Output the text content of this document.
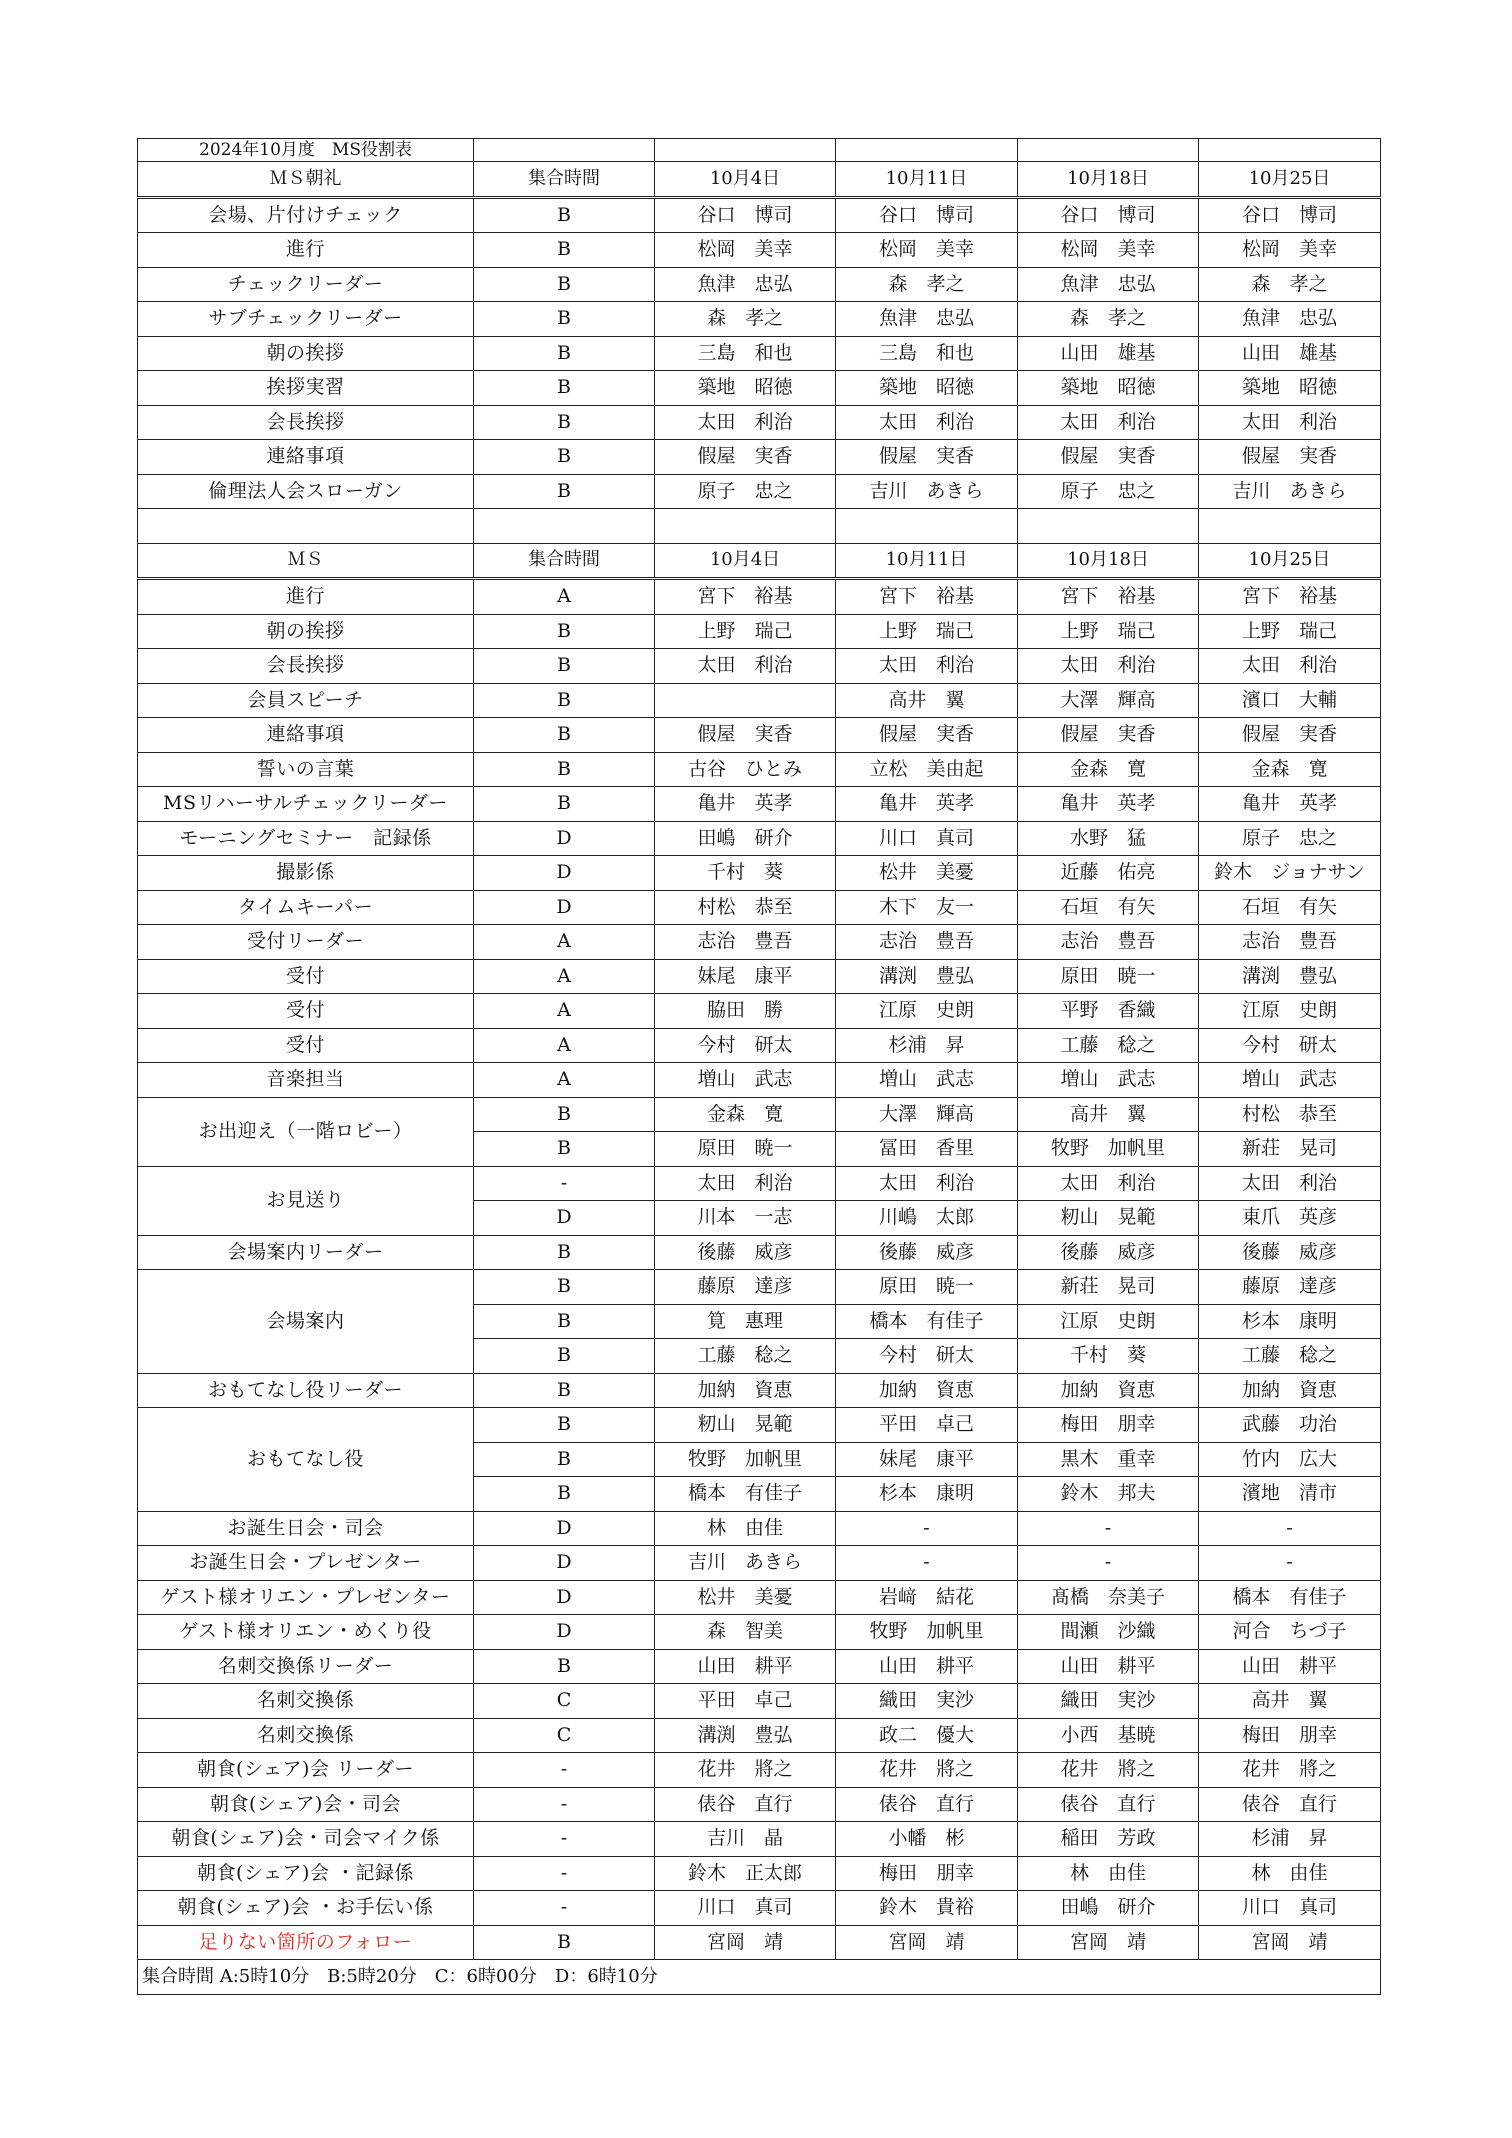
2024年10月度　MS役割表					
ＭＳ朝礼	集合時間	10月4日	10月11日	10月18日	10月25日
会場、片付けチェック	B	谷口　博司	谷口　博司	谷口　博司	谷口　博司
進行	B	松岡　美幸	松岡　美幸	松岡　美幸	松岡　美幸
チェックリーダー	B	魚津　忠弘	森　孝之	魚津　忠弘	森　孝之
サブチェックリーダー	B	森　孝之	魚津　忠弘	森　孝之	魚津　忠弘
朝の挨拶	B	三島　和也	三島　和也	山田　雄基	山田　雄基
挨拶実習	B	築地　昭徳	築地　昭徳	築地　昭徳	築地　昭徳
会長挨拶	B	太田　利治	太田　利治	太田　利治	太田　利治
連絡事項	B	假屋　実香	假屋　実香	假屋　実香	假屋　実香
倫理法人会スローガン	B	原子　忠之	吉川　あきら	原子　忠之	吉川　あきら

ＭＳ	集合時間	10月4日	10月11日	10月18日	10月25日
進行	A	宮下　裕基	宮下　裕基	宮下　裕基	宮下　裕基
朝の挨拶	B	上野　瑞己	上野　瑞己	上野　瑞己	上野　瑞己
会長挨拶	B	太田　利治	太田　利治	太田　利治	太田　利治
会員スピーチ	B		高井　翼	大澤　輝高	濱口　大輔
連絡事項	B	假屋　実香	假屋　実香	假屋　実香	假屋　実香
誓いの言葉	B	古谷　ひとみ	立松　美由起	金森　寛	金森　寛
MSリハーサルチェックリーダー	B	亀井　英孝	亀井　英孝	亀井　英孝	亀井　英孝
モーニングセミナー　記録係	D	田嶋　研介	川口　真司	水野　猛	原子　忠之
撮影係	D	千村　葵	松井　美憂	近藤　佑亮	鈴木　ジョナサン
タイムキーパー	D	村松　恭至	木下　友一	石垣　有矢	石垣　有矢
受付リーダー	A	志治　豊吾	志治　豊吾	志治　豊吾	志治　豊吾
受付	A	妹尾　康平	溝渕　豊弘	原田　暁一	溝渕　豊弘
受付	A	脇田　勝	江原　史朗	平野　香織	江原　史朗
受付	A	今村　研太	杉浦　昇	工藤　稔之	今村　研太
音楽担当	A	増山　武志	増山　武志	増山　武志	増山　武志
お出迎え（一階ロビー）	B	金森　寛	大澤　輝高	高井　翼	村松　恭至
	B	原田　暁一	冨田　香里	牧野　加帆里	新荘　晃司
お見送り	-	太田　利治	太田　利治	太田　利治	太田　利治
	D	川本　一志	川嶋　太郎	籾山　晃範	東爪　英彦
会場案内リーダー	B	後藤　威彦	後藤　威彦	後藤　威彦	後藤　威彦
会場案内	B	藤原　達彦	原田　暁一	新荘　晃司	藤原　達彦
	B	筧　惠理	橋本　有佳子	江原　史朗	杉本　康明
	B	工藤　稔之	今村　研太	千村　葵	工藤　稔之
おもてなし役リーダー	B	加納　資恵	加納　資恵	加納　資恵	加納　資恵
おもてなし役	B	籾山　晃範	平田　卓己	梅田　朋幸	武藤　功治
	B	牧野　加帆里	妹尾　康平	黒木　重幸	竹内　広大
	B	橋本　有佳子	杉本　康明	鈴木　邦夫	濱地　清市
お誕生日会・司会	D	林　由佳	-	-	-
お誕生日会・プレゼンター	D	吉川　あきら	-	-	-
ゲスト様オリエン・プレゼンター	D	松井　美憂	岩﨑　結花	髙橋　奈美子	橋本　有佳子
ゲスト様オリエン・めくり役	D	森　智美	牧野　加帆里	間瀬　沙織	河合　ちづ子
名刺交換係リーダー	B	山田　耕平	山田　耕平	山田　耕平	山田　耕平
名刺交換係	C	平田　卓己	織田　実沙	織田　実沙	高井　翼
名刺交換係	C	溝渕　豊弘	政二　優大	小西　基暁	梅田　朋幸
朝食(シェア)会 リーダー	-	花井　將之	花井　將之	花井　將之	花井　將之
朝食(シェア)会・司会	-	俵谷　直行	俵谷　直行	俵谷　直行	俵谷　直行
朝食(シェア)会・司会マイク係	-	吉川　晶	小幡　彬	稲田　芳政	杉浦　昇
朝食(シェア)会 ・記録係	-	鈴木　正太郎	梅田　朋幸	林　由佳	林　由佳
朝食(シェア)会 ・お手伝い係	-	川口　真司	鈴木　貴裕	田嶋　研介	川口　真司
足りない箇所のフォロー	B	宮岡　靖	宮岡　靖	宮岡　靖	宮岡　靖
集合時間 A:5時10分　B:5時20分　C：6時00分　D：6時10分					
